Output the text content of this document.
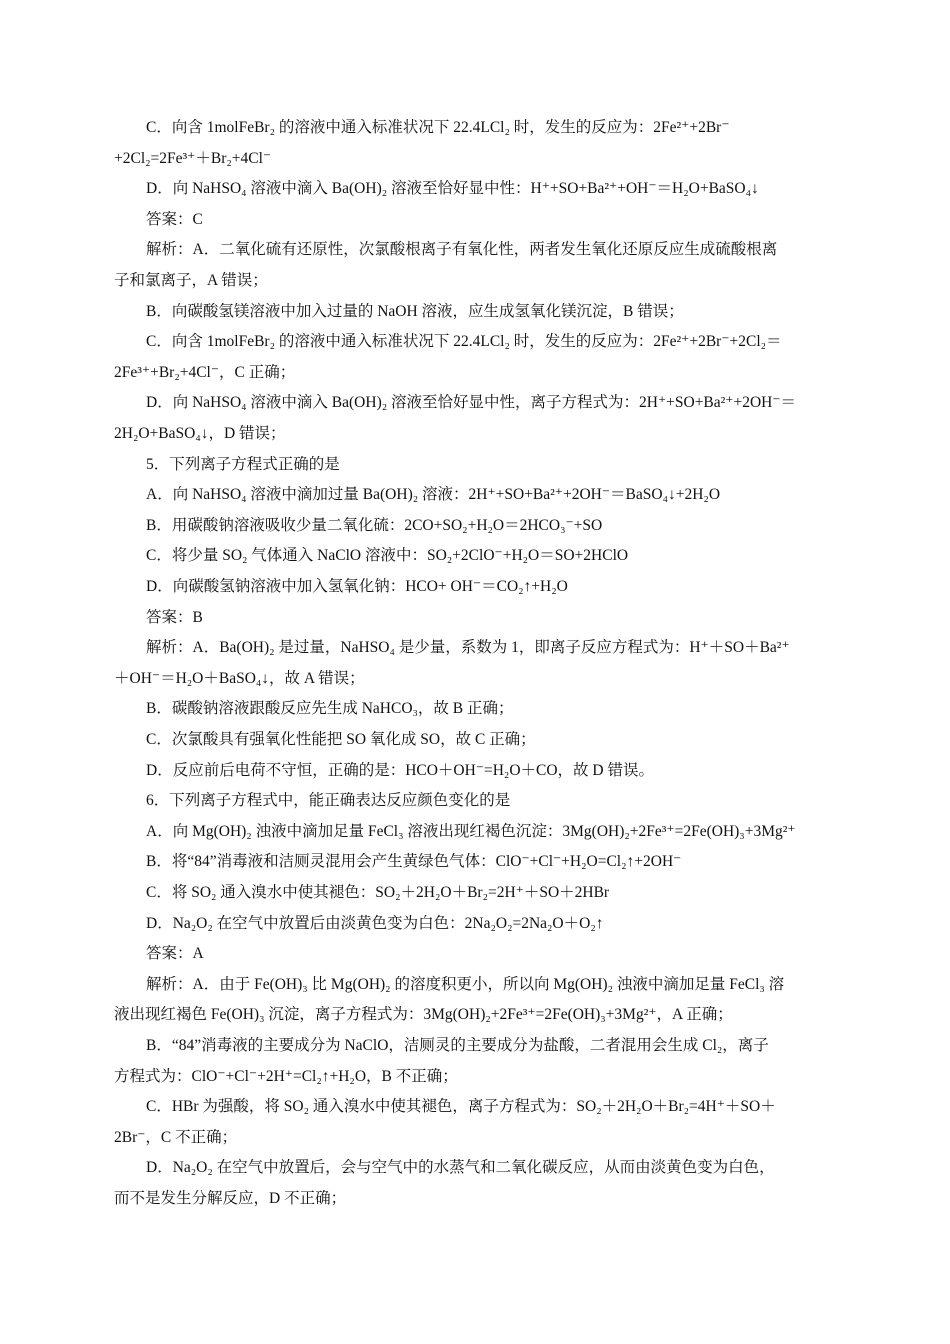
C．向含 1molFeBr₂ 的溶液中通入标准状况下 22.4LCl₂ 时，发生的反应为：2Fe²⁺+2Br⁻
+2Cl₂=2Fe³⁺＋Br₂+4Cl⁻
D．向 NaHSO₄ 溶液中滴入 Ba(OH)₂ 溶液至恰好显中性：H⁺+SO+Ba²⁺+OH⁻＝H₂O+BaSO₄↓
答案：C
解析：A．二氧化硫有还原性，次氯酸根离子有氧化性，两者发生氧化还原反应生成硫酸根离
子和氯离子，A 错误；
B．向碳酸氢镁溶液中加入过量的 NaOH 溶液，应生成氢氧化镁沉淀，B 错误；
C．向含 1molFeBr₂ 的溶液中通入标准状况下 22.4LCl₂ 时，发生的反应为：2Fe²⁺+2Br⁻+2Cl₂＝
2Fe³⁺+Br₂+4Cl⁻，C 正确；
D．向 NaHSO₄ 溶液中滴入 Ba(OH)₂ 溶液至恰好显中性，离子方程式为：2H⁺+SO+Ba²⁺+2OH⁻＝
2H₂O+BaSO₄↓，D 错误；
5．下列离子方程式正确的是
A．向 NaHSO₄ 溶液中滴加过量 Ba(OH)₂ 溶液：2H⁺+SO+Ba²⁺+2OH⁻＝BaSO₄↓+2H₂O
B．用碳酸钠溶液吸收少量二氧化硫：2CO+SO₂+H₂O＝2HCO₃⁻+SO
C．将少量 SO₂ 气体通入 NaClO 溶液中：SO₂+2ClO⁻+H₂O＝SO+2HClO
D．向碳酸氢钠溶液中加入氢氧化钠：HCO+ OH⁻＝CO₂↑+H₂O
答案：B
解析：A．Ba(OH)₂ 是过量，NaHSO₄ 是少量，系数为 1，即离子反应方程式为：H⁺＋SO＋Ba²⁺
＋OH⁻＝H₂O＋BaSO₄↓，故 A 错误；
B．碳酸钠溶液跟酸反应先生成 NaHCO₃，故 B 正确；
C．次氯酸具有强氧化性能把 SO 氧化成 SO，故 C 正确；
D．反应前后电荷不守恒，正确的是：HCO＋OH⁻=H₂O＋CO，故 D 错误。
6．下列离子方程式中，能正确表达反应颜色变化的是
A．向 Mg(OH)₂ 浊液中滴加足量 FeCl₃ 溶液出现红褐色沉淀：3Mg(OH)₂+2Fe³⁺=2Fe(OH)₃+3Mg²⁺
B．将“84”消毒液和洁厕灵混用会产生黄绿色气体：ClO⁻+Cl⁻+H₂O=Cl₂↑+2OH⁻
C．将 SO₂ 通入溴水中使其褪色：SO₂＋2H₂O＋Br₂=2H⁺＋SO＋2HBr
D．Na₂O₂ 在空气中放置后由淡黄色变为白色：2Na₂O₂=2Na₂O＋O₂↑
答案：A
解析：A．由于 Fe(OH)₃ 比 Mg(OH)₂ 的溶度积更小，所以向 Mg(OH)₂ 浊液中滴加足量 FeCl₃ 溶
液出现红褐色 Fe(OH)₃ 沉淀，离子方程式为：3Mg(OH)₂+2Fe³⁺=2Fe(OH)₃+3Mg²⁺，A 正确；
B．“84”消毒液的主要成分为 NaClO，洁厕灵的主要成分为盐酸，二者混用会生成 Cl₂，离子
方程式为：ClO⁻+Cl⁻+2H⁺=Cl₂↑+H₂O，B 不正确；
C．HBr 为强酸，将 SO₂ 通入溴水中使其褪色，离子方程式为：SO₂＋2H₂O＋Br₂=4H⁺＋SO＋
2Br⁻，C 不正确；
D．Na₂O₂ 在空气中放置后，会与空气中的水蒸气和二氧化碳反应，从而由淡黄色变为白色，
而不是发生分解反应，D 不正确；
